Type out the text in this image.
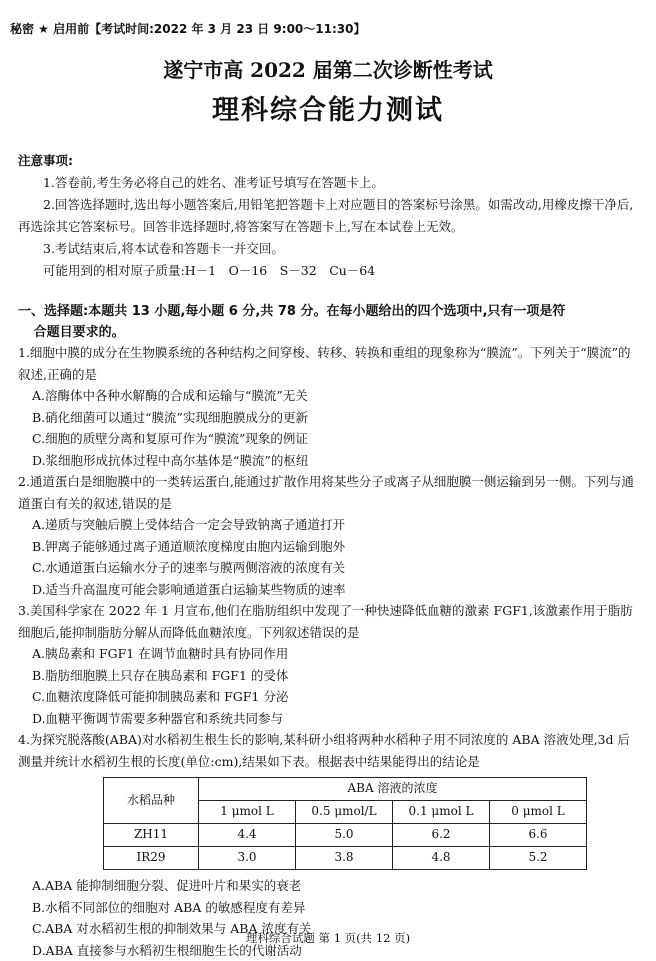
秘密 ★ 启用前【考试时间:2022 年 3 月 23 日 9:00～11:30】
遂宁市高 2022 届第二次诊断性考试
理科综合能力测试
注意事项:

1.答卷前,考生务必将自己的姓名、准考证号填写在答题卡上。

2.回答选择题时,选出每小题答案后,用铅笔把答题卡上对应题目的答案标号涂黑。如需改动,用橡皮擦干净后,再选涂其它答案标号。回答非选择题时,将答案写在答题卡上,写在本试卷上无效。

3.考试结束后,将本试卷和答题卡一并交回。

可能用到的相对原子质量:H－1　O－16　S－32　Cu－64

一、选择题:本题共 13 小题,每小题 6 分,共 78 分。在每小题给出的四个选项中,只有一项是符
合题目要求的。

1.细胞中膜的成分在生物膜系统的各种结构之间穿梭、转移、转换和重组的现象称为“膜流”。下列关于“膜流”的叙述,正确的是

A.溶酶体中各种水解酶的合成和运输与“膜流”无关

B.硝化细菌可以通过“膜流”实现细胞膜成分的更新

C.细胞的质壁分离和复原可作为“膜流”现象的例证

D.浆细胞形成抗体过程中高尔基体是“膜流”的枢纽

2.通道蛋白是细胞膜中的一类转运蛋白,能通过扩散作用将某些分子或离子从细胞膜一侧运输到另一侧。下列与通道蛋白有关的叙述,错误的是

A.递质与突触后膜上受体结合一定会导致钠离子通道打开

B.钾离子能够通过离子通道顺浓度梯度由胞内运输到胞外

C.水通道蛋白运输水分子的速率与膜两侧溶液的浓度有关

D.适当升高温度可能会影响通道蛋白运输某些物质的速率

3.美国科学家在 2022 年 1 月宣布,他们在脂肪组织中发现了一种快速降低血糖的激素 FGF1,该激素作用于脂肪细胞后,能抑制脂肪分解从而降低血糖浓度。下列叙述错误的是

A.胰岛素和 FGF1 在调节血糖时具有协同作用

B.脂肪细胞膜上只存在胰岛素和 FGF1 的受体

C.血糖浓度降低可能抑制胰岛素和 FGF1 分泌

D.血糖平衡调节需要多种器官和系统共同参与

4.为探究脱落酸(ABA)对水稻初生根生长的影响,某科研小组将两种水稻种子用不同浓度的 ABA 溶液处理,3d 后测量并统计水稻初生根的长度(单位:cm),结果如下表。根据表中结果能得出的结论是

水稻品种	ABA 溶液的浓度			
	1 μmol L	0.5 μmol/L	0.1 μmol L	0 μmol L
ZH11	4.4	5.0	6.2	6.6
IR29	3.0	3.8	4.8	5.2

A.ABA 能抑制细胞分裂、促进叶片和果实的衰老

B.水稻不同部位的细胞对 ABA 的敏感程度有差异

C.ABA 对水稻初生根的抑制效果与 ABA 浓度有关

D.ABA 直接参与水稻初生根细胞生长的代谢活动

理科综合试题 第 1 页(共 12 页)
